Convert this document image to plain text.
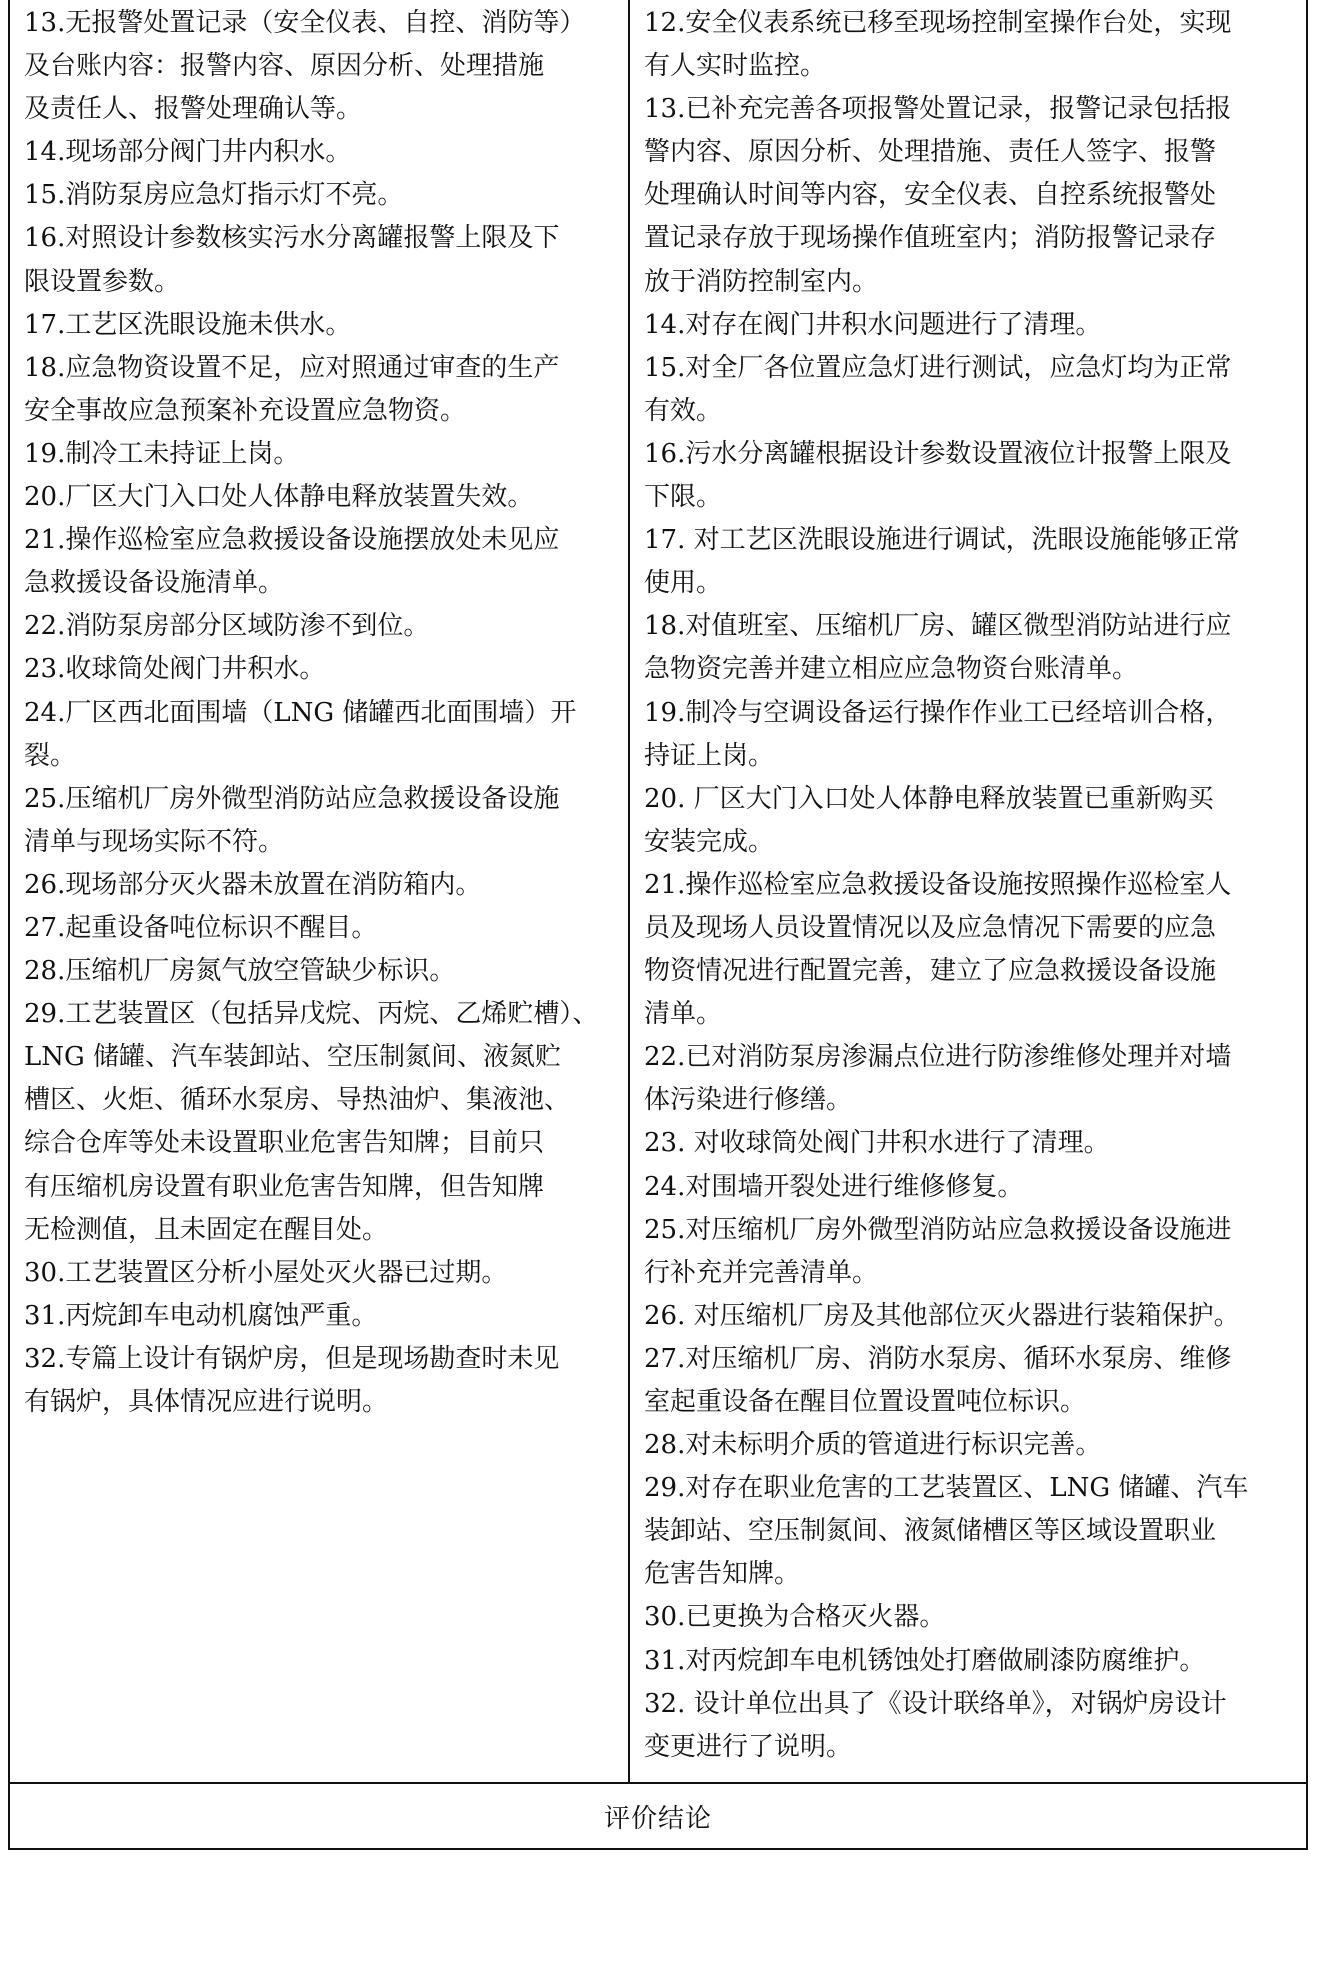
13.无报警处置记录（安全仪表、自控、消防等）
及台账内容：报警内容、原因分析、处理措施
及责任人、报警处理确认等。
14.现场部分阀门井内积水。
15.消防泵房应急灯指示灯不亮。
16.对照设计参数核实污水分离罐报警上限及下
限设置参数。
17.工艺区洗眼设施未供水。
18.应急物资设置不足，应对照通过审查的生产
安全事故应急预案补充设置应急物资。
19.制冷工未持证上岗。
20.厂区大门入口处人体静电释放装置失效。
21.操作巡检室应急救援设备设施摆放处未见应
急救援设备设施清单。
22.消防泵房部分区域防渗不到位。
23.收球筒处阀门井积水。
24.厂区西北面围墙（LNG 储罐西北面围墙）开
裂。
25.压缩机厂房外微型消防站应急救援设备设施
清单与现场实际不符。
26.现场部分灭火器未放置在消防箱内。
27.起重设备吨位标识不醒目。
28.压缩机厂房氮气放空管缺少标识。
29.工艺装置区（包括异戊烷、丙烷、乙烯贮槽）、
LNG 储罐、汽车装卸站、空压制氮间、液氮贮
槽区、火炬、循环水泵房、导热油炉、集液池、
综合仓库等处未设置职业危害告知牌；目前只
有压缩机房设置有职业危害告知牌，但告知牌
无检测值，且未固定在醒目处。
30.工艺装置区分析小屋处灭火器已过期。
31.丙烷卸车电动机腐蚀严重。
32.专篇上设计有锅炉房，但是现场勘查时未见
有锅炉，具体情况应进行说明。
12.安全仪表系统已移至现场控制室操作台处，实现
有人实时监控。
13.已补充完善各项报警处置记录，报警记录包括报
警内容、原因分析、处理措施、责任人签字、报警
处理确认时间等内容，安全仪表、自控系统报警处
置记录存放于现场操作值班室内；消防报警记录存
放于消防控制室内。
14.对存在阀门井积水问题进行了清理。
15.对全厂各位置应急灯进行测试，应急灯均为正常
有效。
16.污水分离罐根据设计参数设置液位计报警上限及
下限。
17. 对工艺区洗眼设施进行调试，洗眼设施能够正常
使用。
18.对值班室、压缩机厂房、罐区微型消防站进行应
急物资完善并建立相应应急物资台账清单。
19.制冷与空调设备运行操作作业工已经培训合格，
持证上岗。
20. 厂区大门入口处人体静电释放装置已重新购买
安装完成。
21.操作巡检室应急救援设备设施按照操作巡检室人
员及现场人员设置情况以及应急情况下需要的应急
物资情况进行配置完善，建立了应急救援设备设施
清单。
22.已对消防泵房渗漏点位进行防渗维修处理并对墙
体污染进行修缮。
23. 对收球筒处阀门井积水进行了清理。
24.对围墙开裂处进行维修修复。
25.对压缩机厂房外微型消防站应急救援设备设施进
行补充并完善清单。
26. 对压缩机厂房及其他部位灭火器进行装箱保护。
27.对压缩机厂房、消防水泵房、循环水泵房、维修
室起重设备在醒目位置设置吨位标识。
28.对未标明介质的管道进行标识完善。
29.对存在职业危害的工艺装置区、LNG 储罐、汽车
装卸站、空压制氮间、液氮储槽区等区域设置职业
危害告知牌。
30.已更换为合格灭火器。
31.对丙烷卸车电机锈蚀处打磨做刷漆防腐维护。
32. 设计单位出具了《设计联络单》，对锅炉房设计
变更进行了说明。
评价结论
